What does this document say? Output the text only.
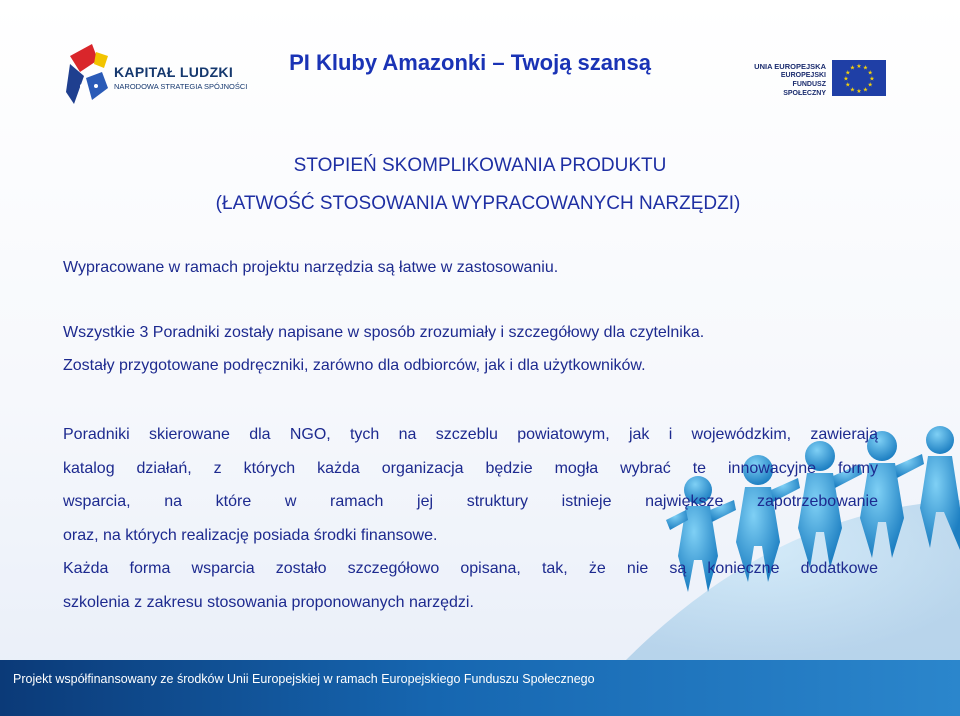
KAPITAŁ LUDZKI
NARODOWA STRATEGIA SPÓJNOŚCI
PI Kluby Amazonki – Twoją szansą	UNIA EUROPEJSKA
EUROPEJSKI
FUNDUSZ SPOŁECZNY
★ ★
★
★
★
★
★
★
★
★
★
★
STOPIEŃ SKOMPLIKOWANIA PRODUKTU
(ŁATWOŚĆ STOSOWANIA WYPRACOWANYCH NARZĘDZI)
Wypracowane w ramach projektu narzędzia są łatwe w zastosowaniu.
Wszystkie 3 Poradniki zostały napisane w sposób zrozumiały i szczegółowy dla czytelnika.
Zostały przygotowane podręczniki, zarówno dla odbiorców, jak i dla użytkowników.
Poradniki skierowane dla NGO, tych na szczeblu powiatowym, jak i wojewódzkim, zawierają
katalog działań, z których każda organizacja będzie mogła wybrać te innowacyjne formy
wsparcia, na które w ramach jej struktury istnieje największe zapotrzebowanie
oraz, na których realizację posiada środki finansowe.
Każda forma wsparcia zostało szczegółowo opisana, tak, że nie są konieczne dodatkowe
szkolenia z zakresu stosowania proponowanych narzędzi.
Projekt współfinansowany ze środków Unii Europejskiej w ramach Europejskiego Funduszu Społecznego
